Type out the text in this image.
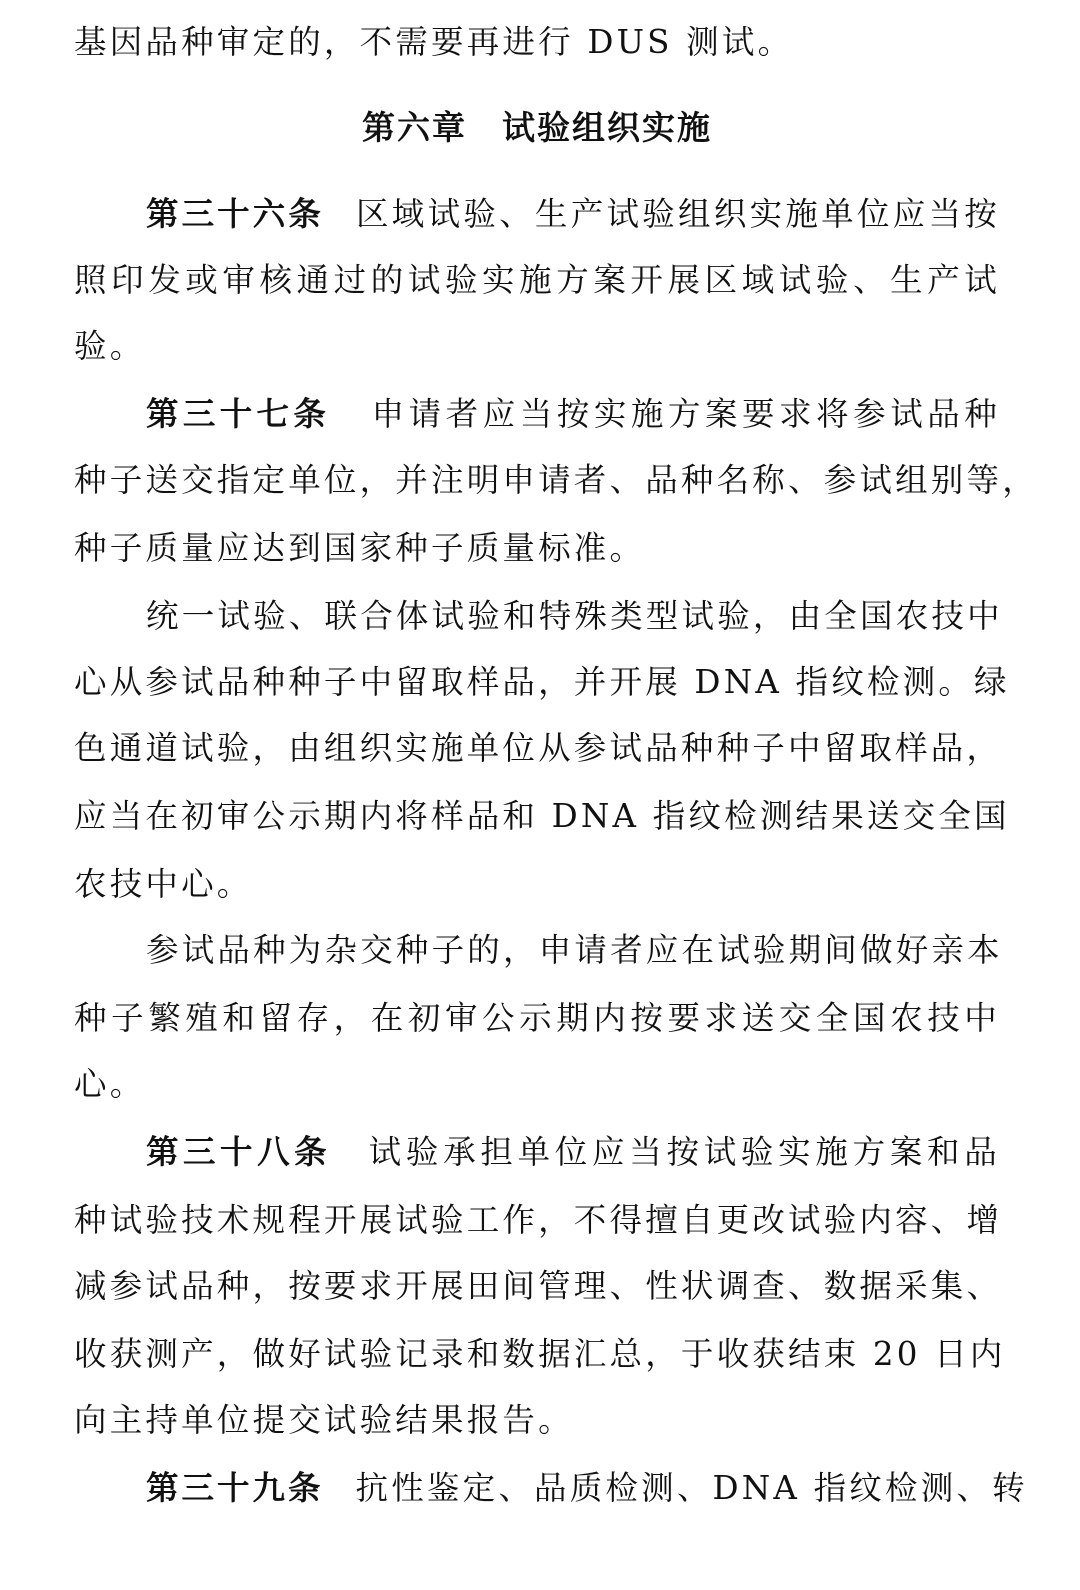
基因品种审定的，不需要再进行 DUS 测试。
第六章　试验组织实施
第三十六条 区域试验、生产试验组织实施单位应当按
照印发或审核通过的试验实施方案开展区域试验、生产试
验。
第三十七条 申请者应当按实施方案要求将参试品种
种子送交指定单位，并注明申请者、品种名称、参试组别等，
种子质量应达到国家种子质量标准。
统一试验、联合体试验和特殊类型试验，由全国农技中
心从参试品种种子中留取样品，并开展 DNA 指纹检测。绿
色通道试验，由组织实施单位从参试品种种子中留取样品，
应当在初审公示期内将样品和 DNA 指纹检测结果送交全国
农技中心。
参试品种为杂交种子的，申请者应在试验期间做好亲本
种子繁殖和留存，在初审公示期内按要求送交全国农技中
心。
第三十八条 试验承担单位应当按试验实施方案和品
种试验技术规程开展试验工作，不得擅自更改试验内容、增
减参试品种，按要求开展田间管理、性状调查、数据采集、
收获测产，做好试验记录和数据汇总，于收获结束 20 日内
向主持单位提交试验结果报告。
第三十九条 抗性鉴定、品质检测、DNA 指纹检测、转
